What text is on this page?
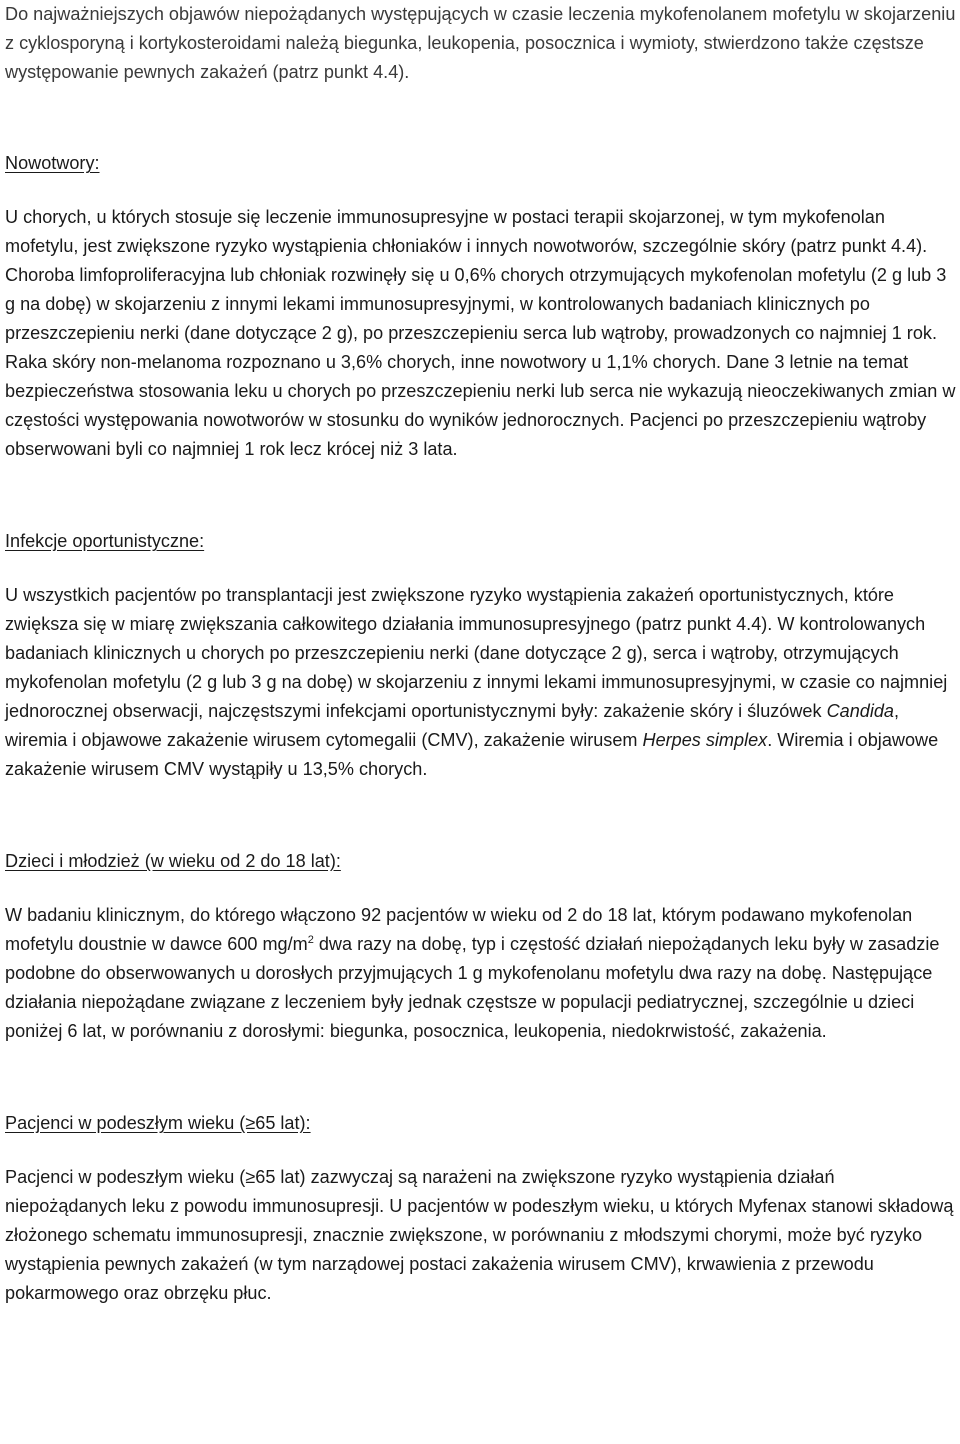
Do najważniejszych objawów niepożądanych występujących w czasie leczenia mykofenolanem mofetylu w skojarzeniu z cyklosporyną i kortykosteroidami należą biegunka, leukopenia, posocznica i wymioty, stwierdzono także częstsze występowanie pewnych zakażeń (patrz punkt 4.4).

Nowotwory:

U chorych, u których stosuje się leczenie immunosupresyjne w postaci terapii skojarzonej, w tym mykofenolan mofetylu, jest zwiększone ryzyko wystąpienia chłoniaków i innych nowotworów, szczególnie skóry (patrz punkt 4.4). Choroba limfoproliferacyjna lub chłoniak rozwinęły się u 0,6% chorych otrzymujących mykofenolan mofetylu (2 g lub 3 g na dobę) w skojarzeniu z innymi lekami immunosupresyjnymi, w kontrolowanych badaniach klinicznych po przeszczepieniu nerki (dane dotyczące 2 g), po przeszczepieniu serca lub wątroby, prowadzonych co najmniej 1 rok. Raka skóry non-melanoma rozpoznano u 3,6% chorych, inne nowotwory u 1,1% chorych. Dane 3 letnie na temat bezpieczeństwa stosowania leku u chorych po przeszczepieniu nerki lub serca nie wykazują nieoczekiwanych zmian w częstości występowania nowotworów w stosunku do wyników jednorocznych. Pacjenci po przeszczepieniu wątroby obserwowani byli co najmniej 1 rok lecz krócej niż 3 lata.

Infekcje oportunistyczne:

U wszystkich pacjentów po transplantacji jest zwiększone ryzyko wystąpienia zakażeń oportunistycznych, które zwiększa się w miarę zwiększania całkowitego działania immunosupresyjnego (patrz punkt 4.4). W kontrolowanych badaniach klinicznych u chorych po przeszczepieniu nerki (dane dotyczące 2 g), serca i wątroby, otrzymujących mykofenolan mofetylu (2 g lub 3 g na dobę) w skojarzeniu z innymi lekami immunosupresyjnymi, w czasie co najmniej jednorocznej obserwacji, najczęstszymi infekcjami oportunistycznymi były: zakażenie skóry i śluzówek Candida, wiremia i objawowe zakażenie wirusem cytomegalii (CMV), zakażenie wirusem Herpes simplex. Wiremia i objawowe zakażenie wirusem CMV wystąpiły u 13,5% chorych.

Dzieci i młodzież (w wieku od 2 do 18 lat):

W badaniu klinicznym, do którego włączono 92 pacjentów w wieku od 2 do 18 lat, którym podawano mykofenolan mofetylu doustnie w dawce 600 $mg/m^2$ dwa razy na dobę, typ i częstość działań niepożądanych leku były w zasadzie podobne do obserwowanych u dorosłych przyjmujących 1 g mykofenolanu mofetylu dwa razy na dobę. Następujące działania niepożądane związane z leczeniem były jednak częstsze w populacji pediatrycznej, szczególnie u dzieci poniżej 6 lat, w porównaniu z dorosłymi: biegunka, posocznica, leukopenia, niedokrwistość, zakażenia.

Pacjenci w podeszłym wieku (≥65 lat):

Pacjenci w podeszłym wieku (≥65 lat) zazwyczaj są narażeni na zwiększone ryzyko wystąpienia działań niepożądanych leku z powodu immunosupresji. U pacjentów w podeszłym wieku, u których Myfenax stanowi składową złożonego schematu immunosupresji, znacznie zwiększone, w porównaniu z młodszymi chorymi, może być ryzyko wystąpienia pewnych zakażeń (w tym narządowej postaci zakażenia wirusem CMV), krwawienia z przewodu pokarmowego oraz obrzęku płuc.
